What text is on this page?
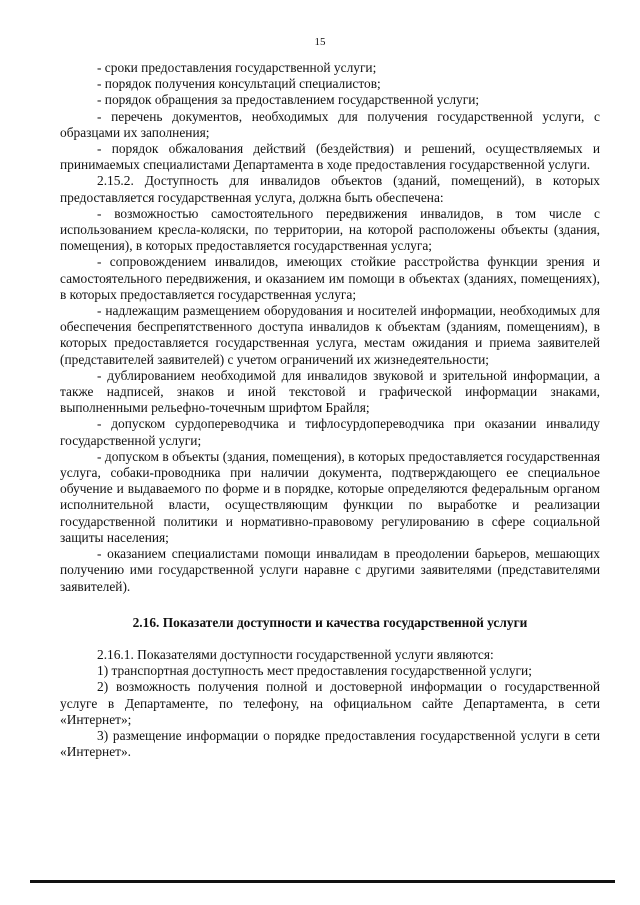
15

- сроки предоставления государственной услуги;

- порядок получения консультаций специалистов;

- порядок обращения за предоставлением государственной услуги;

- перечень документов, необходимых для получения государственной услуги, с образцами их заполнения;

- порядок обжалования действий (бездействия) и решений, осуществляемых и принимаемых специалистами Департамента в ходе предоставления государственной услуги.

2.15.2. Доступность для инвалидов объектов (зданий, помещений), в которых предоставляется государственная услуга, должна быть обеспечена:

- возможностью самостоятельного передвижения инвалидов, в том числе с использованием кресла-коляски, по территории, на которой расположены объекты (здания, помещения), в которых предоставляется государственная услуга;

- сопровождением инвалидов, имеющих стойкие расстройства функции зрения и самостоятельного передвижения, и оказанием им помощи в объектах (зданиях, помещениях), в которых предоставляется государственная услуга;

- надлежащим размещением оборудования и носителей информации, необходимых для обеспечения беспрепятственного доступа инвалидов к объектам (зданиям, помещениям), в которых предоставляется государственная услуга, местам ожидания и приема заявителей (представителей заявителей) с учетом ограничений их жизнедеятельности;

- дублированием необходимой для инвалидов звуковой и зрительной информации, а также надписей, знаков и иной текстовой и графической информации знаками, выполненными рельефно-точечным шрифтом Брайля;

- допуском сурдопереводчика и тифлосурдопереводчика при оказании инвалиду государственной услуги;

- допуском в объекты (здания, помещения), в которых предоставляется государственная услуга, собаки-проводника при наличии документа, подтверждающего ее специальное обучение и выдаваемого по форме и в порядке, которые определяются федеральным органом исполнительной власти, осуществляющим функции по выработке и реализации государственной политики и нормативно-правовому регулированию в сфере социальной защиты населения;

- оказанием специалистами помощи инвалидам в преодолении барьеров, мешающих получению ими государственной услуги наравне с другими заявителями (представителями заявителей).

2.16. Показатели доступности и качества государственной услуги

2.16.1. Показателями доступности государственной услуги являются:

1) транспортная доступность мест предоставления государственной услуги;

2) возможность получения полной и достоверной информации о государственной услуге в Департаменте, по телефону, на официальном сайте Департамента, в сети «Интернет»;

3) размещение информации о порядке предоставления государственной услуги в сети «Интернет».
